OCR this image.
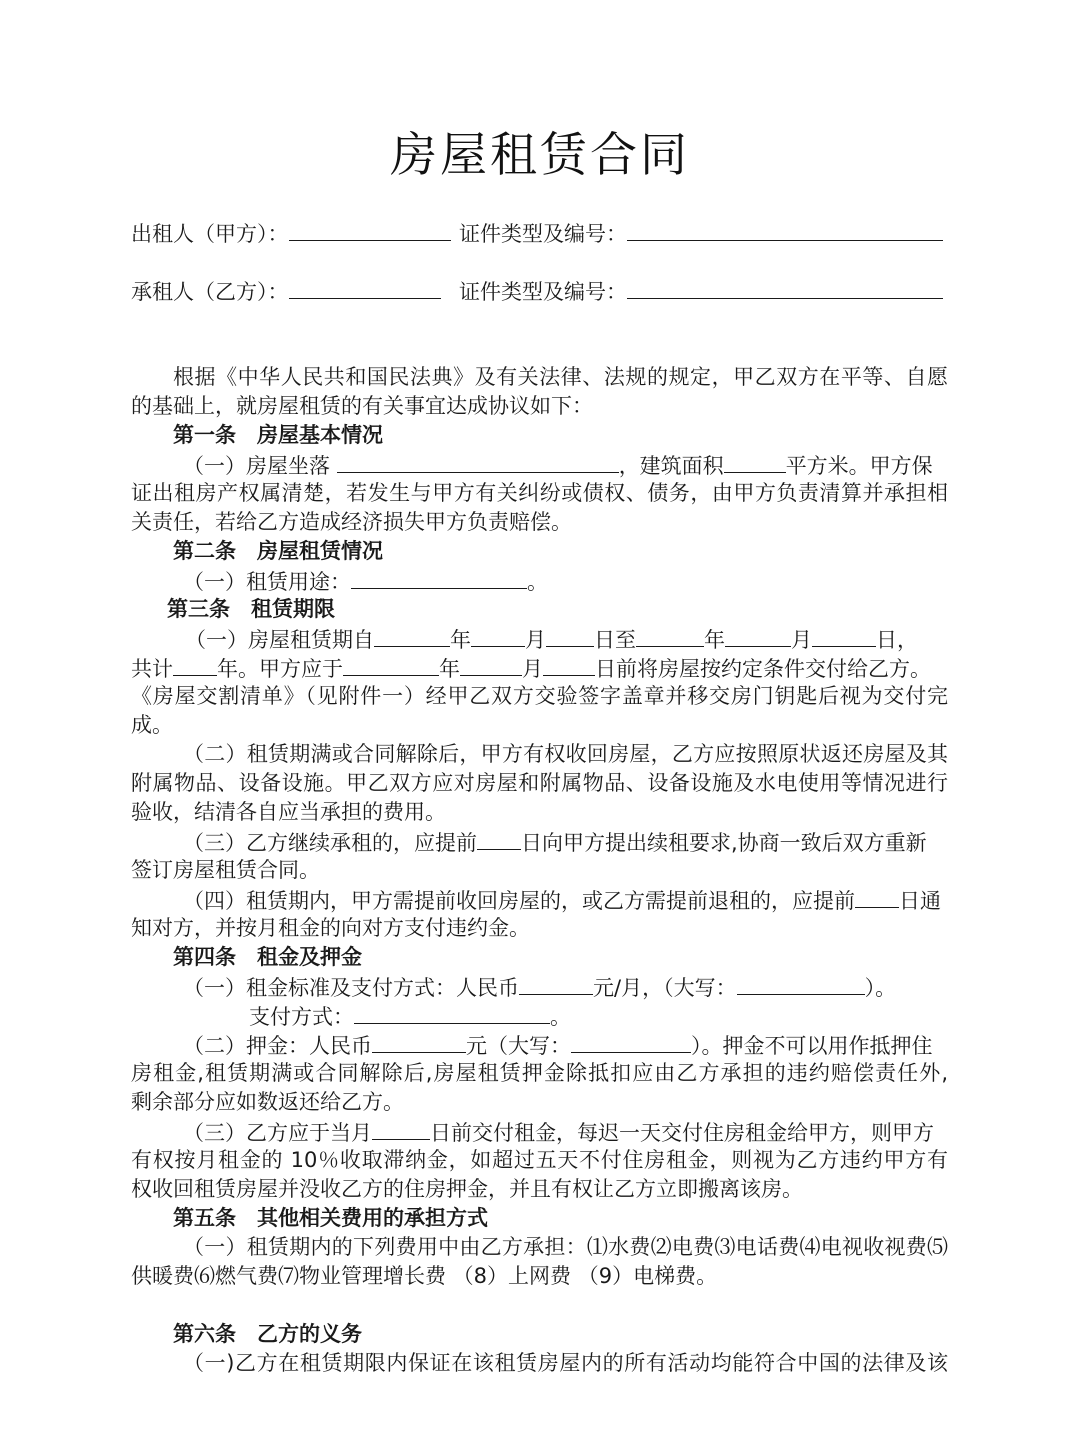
房屋租赁合同
出租人（甲方）：	证件类型及编号：
承租人（乙方）：	证件类型及编号：
根据《中华人民共和国民法典》及有关法律、法规的规定，甲乙双方在平等、自愿
的基础上，就房屋租赁的有关事宜达成协议如下：
第一条　房屋基本情况
（一）房屋坐落	，建筑面积	平方米。甲方保
证出租房产权属清楚，若发生与甲方有关纠纷或债权、债务，由甲方负责清算并承担相
关责任，若给乙方造成经济损失甲方负责赔偿。
第二条　房屋租赁情况
（一）租赁用途：	。
第三条　租赁期限
（一）房屋租赁期自	年	月 日至	年	月	日，
共计 年。甲方应于	年	月 日前将房屋按约定条件交付给乙方。
《房屋交割清单》（见附件一）经甲乙双方交验签字盖章并移交房门钥匙后视为交付完
成。
（二）租赁期满或合同解除后，甲方有权收回房屋，乙方应按照原状返还房屋及其
附属物品、设备设施。甲乙双方应对房屋和附属物品、设备设施及水电使用等情况进行
验收，结清各自应当承担的费用。
（三）乙方继续承租的，应提前 日向甲方提出续租要求,协商一致后双方重新
签订房屋租赁合同。
（四）租赁期内，甲方需提前收回房屋的，或乙方需提前退租的，应提前 日通
知对方，并按月租金的向对方支付违约金。
第四条　租金及押金
（一）租金标准及支付方式：人民币	元/月，（大写：	）。
支付方式：	。
（二）押金：人民币	元（大写：	）。押金不可以用作抵押住
房租金,租赁期满或合同解除后,房屋租赁押金除抵扣应由乙方承担的违约赔偿责任外,
剩余部分应如数返还给乙方。
（三）乙方应于当月	日前交付租金，每迟一天交付住房租金给甲方，则甲方
有权按月租金的 10％收取滞纳金，如超过五天不付住房租金，则视为乙方违约甲方有
权收回租赁房屋并没收乙方的住房押金，并且有权让乙方立即搬离该房。
第五条　其他相关费用的承担方式
（一）租赁期内的下列费用中由乙方承担：⑴水费⑵电费⑶电话费⑷电视收视费⑸
供暖费⑹燃气费⑺物业管理增长费 （8）上网费 （9）电梯费。
第六条　乙方的义务
（一)乙方在租赁期限内保证在该租赁房屋内的所有活动均能符合中国的法律及该
